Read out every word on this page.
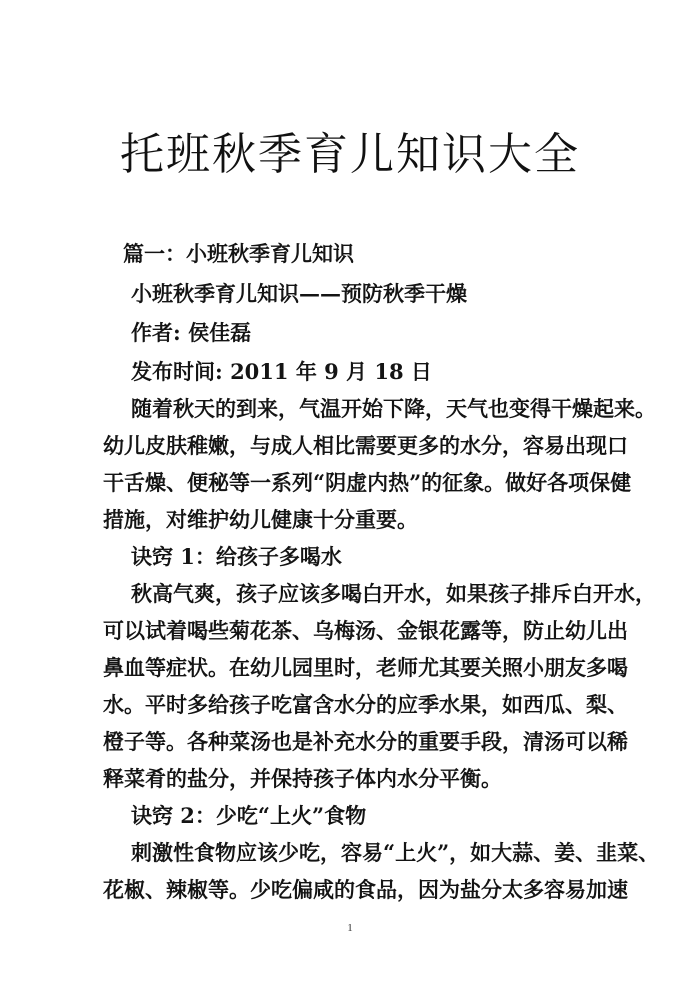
托班秋季育儿知识大全
篇一：小班秋季育儿知识
小班秋季育儿知识——预防秋季干燥
作者: 侯佳磊
发布时间: 2011 年 9 月 18 日
随着秋天的到来，气温开始下降，天气也变得干燥起来。
幼儿皮肤稚嫩，与成人相比需要更多的水分，容易出现口
干舌燥、便秘等一系列“阴虚内热”的征象。做好各项保健
措施，对维护幼儿健康十分重要。
诀窍 1：给孩子多喝水
秋高气爽，孩子应该多喝白开水，如果孩子排斥白开水，
可以试着喝些菊花茶、乌梅汤、金银花露等，防止幼儿出
鼻血等症状。在幼儿园里时，老师尤其要关照小朋友多喝
水。平时多给孩子吃富含水分的应季水果，如西瓜、梨、
橙子等。各种菜汤也是补充水分的重要手段，清汤可以稀
释菜肴的盐分，并保持孩子体内水分平衡。
诀窍 2：少吃“上火”食物
刺激性食物应该少吃，容易“上火”，如大蒜、姜、韭菜、
花椒、辣椒等。少吃偏咸的食品，因为盐分太多容易加速
1
